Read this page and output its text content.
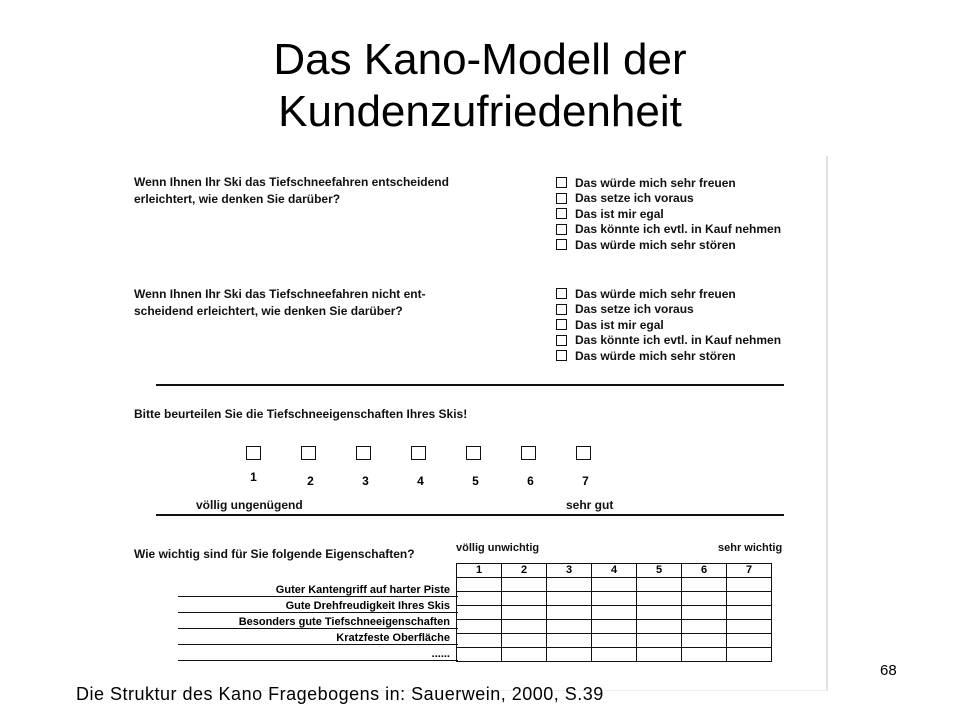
Das Kano-Modell der
Kundenzufriedenheit
Wenn Ihnen Ihr Ski das Tiefschneefahren entscheidend
erleichtert, wie denken Sie darüber?
Das würde mich sehr freuen
Das setze ich voraus
Das ist mir egal
Das könnte ich evtl. in Kauf nehmen
Das würde mich sehr stören
Wenn Ihnen Ihr Ski das Tiefschneefahren nicht ent-
scheidend erleichtert, wie denken Sie darüber?
Das würde mich sehr freuen
Das setze ich voraus
Das ist mir egal
Das könnte ich evtl. in Kauf nehmen
Das würde mich sehr stören
Bitte beurteilen Sie die Tiefschneeigenschaften Ihres Skis!
1	2	3	4	5	6	7
völlig ungenügend	sehr gut
Wie wichtig sind für Sie folgende Eigenschaften?	völlig unwichtig	sehr wichtig
1	2	3	4	5	6	7

Guter Kantengriff auf harter Piste
Gute Drehfreudigkeit Ihres Skis
Besonders gute Tiefschneeigenschaften
Kratzfeste Oberfläche
......
68
Die Struktur des Kano Fragebogens in: Sauerwein, 2000, S.39
